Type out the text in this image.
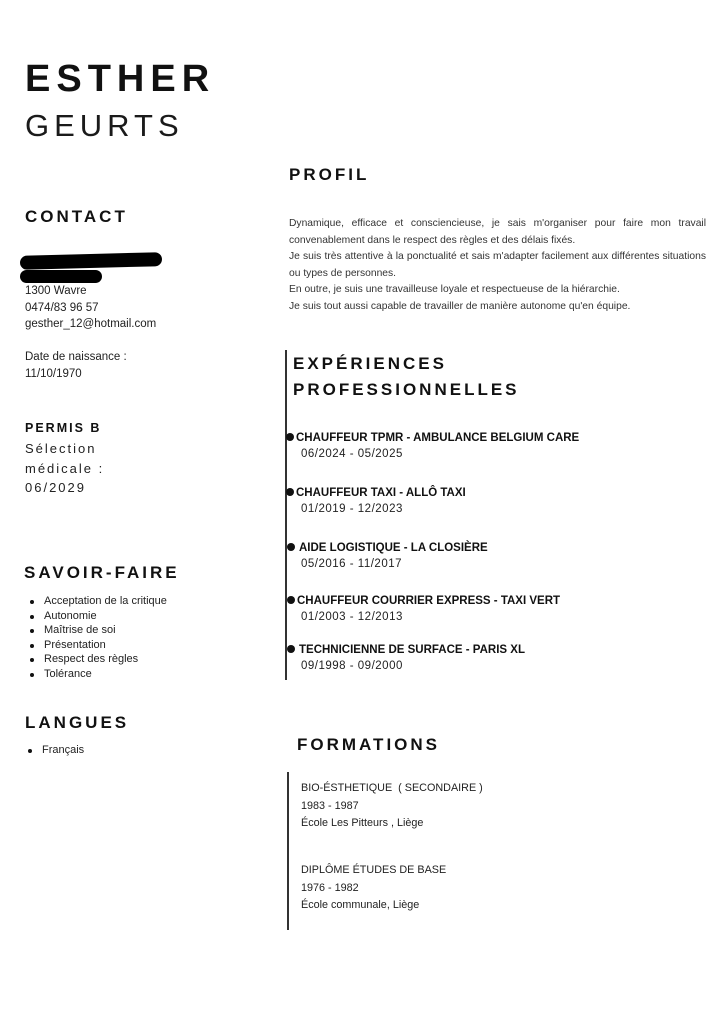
ESTHER
GEURTS
CONTACT
1300 Wavre
0474/83 96 57
gesther_12@hotmail.com
Date de naissance :
11/10/1970
PERMIS B
Sélection
médicale :
06/2029
SAVOIR-FAIRE
Acceptation de la critique
Autonomie
Maîtrise de soi
Présentation
Respect des règles
Tolérance
LANGUES
Français
PROFIL

Dynamique, efficace et consciencieuse, je sais m'organiser pour faire mon travail convenablement dans le respect des règles et des délais fixés.

Je suis très attentive à la ponctualité et sais m'adapter facilement aux différentes situations ou types de personnes.

En outre, je suis une travailleuse loyale et respectueuse de la hiérarchie.

Je suis tout aussi capable de travailler de manière autonome qu'en équipe.

EXPÉRIENCES
PROFESSIONNELLES
CHAUFFEUR TPMR - AMBULANCE BELGIUM CARE
06/2024 - 05/2025
CHAUFFEUR TAXI - ALLÔ TAXI
01/2019 - 12/2023
AIDE LOGISTIQUE - LA CLOSIÈRE
05/2016 - 11/2017
CHAUFFEUR COURRIER EXPRESS - TAXI VERT
01/2003 - 12/2013
TECHNICIENNE DE SURFACE - PARIS XL
09/1998 - 09/2000
FORMATIONS
BIO-ÉSTHETIQUE  ( SECONDAIRE )
1983 - 1987
École Les Pitteurs , Liège
DIPLÔME ÉTUDES DE BASE
1976 - 1982
École communale, Liège
